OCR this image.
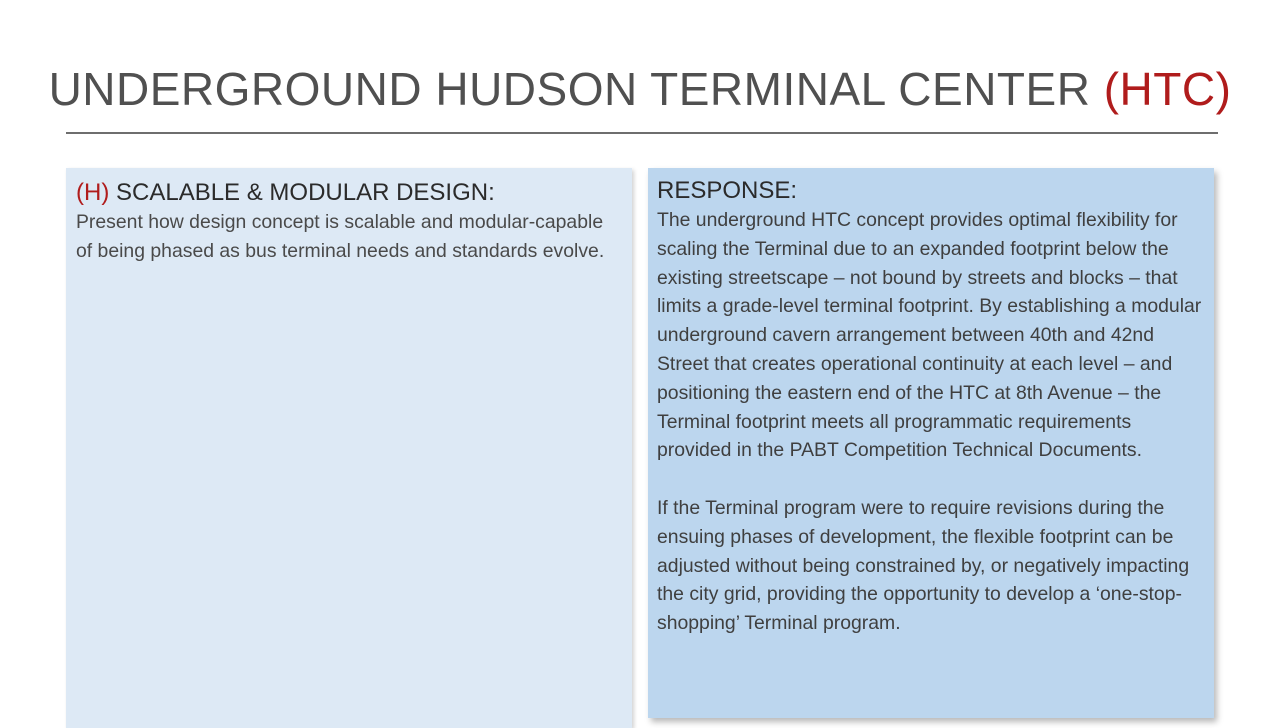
UNDERGROUND HUDSON TERMINAL CENTER (HTC)
(H) SCALABLE & MODULAR DESIGN:

Present how design concept is scalable and modular-capable of being phased as bus terminal needs and standards evolve.

RESPONSE:

The underground HTC concept provides optimal flexibility for scaling the Terminal due to an expanded footprint below the existing streetscape – not bound by streets and blocks – that limits a grade-level terminal footprint. By establishing a modular underground cavern arrangement between 40th and 42nd Street that creates operational continuity at each level – and positioning the eastern end of the HTC at 8th Avenue – the Terminal footprint meets all programmatic requirements provided in the PABT Competition Technical Documents.

If the Terminal program were to require revisions during the ensuing phases of development, the flexible footprint can be adjusted without being constrained by, or negatively impacting the city grid, providing the opportunity to develop a ‘one-stop-shopping’ Terminal program.
